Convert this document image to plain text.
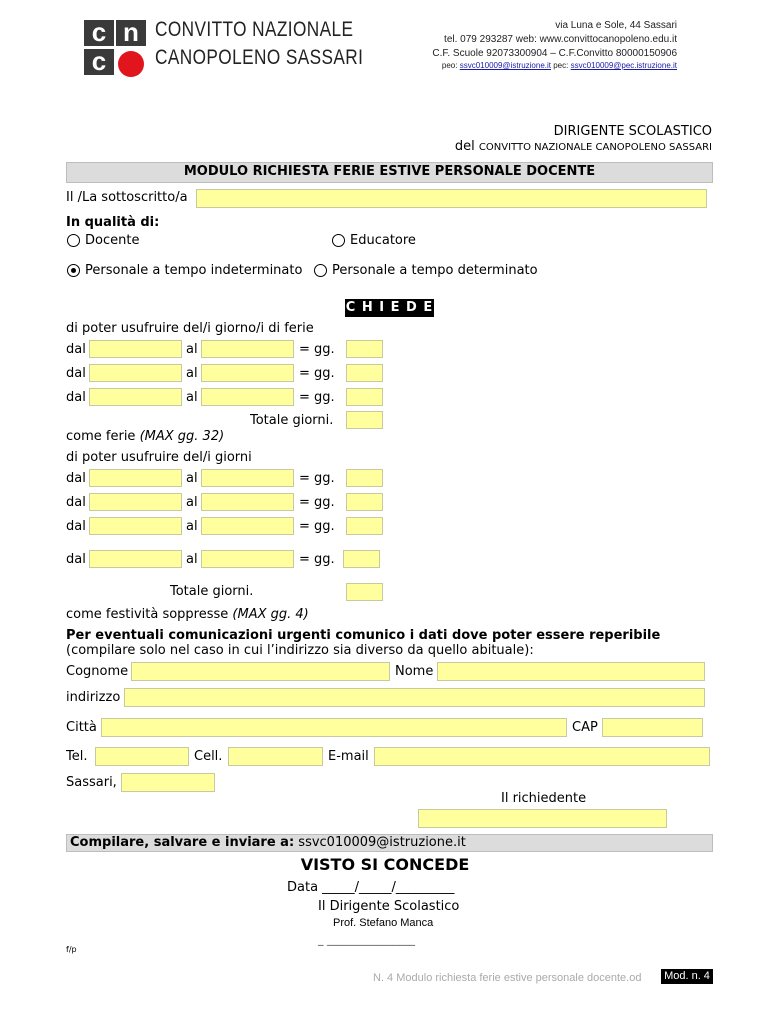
c n
c
CONVITTO NAZIONALE
CANOPOLENO SASSARI
via Luna e Sole, 44 Sassari
tel. 079 293287 web: www.convittocanopoleno.edu.it
C.F. Scuole 92073300904 – C.F.Convitto 80000150906
peo: ssvc010009@istruzione.it pec: ssvc010009@pec.istruzione.it
DIRIGENTE SCOLASTICO
del CONVITTO NAZIONALE CANOPOLENO SASSARI
MODULO RICHIESTA FERIE ESTIVE PERSONALE DOCENTE
Il /La sottoscritto/a
In qualità di:
Docente	Educatore
Personale a tempo indeterminato Personale a tempo determinato
C H I E D E
di poter usufruire del/i giorno/i di ferie
dal	al	= gg.
dal	al	= gg.
dal	al	= gg.
Totale giorni.
come ferie (MAX gg. 32)
di poter usufruire del/i giorni
dal	al	= gg.
dal	al	= gg.
dal	al	= gg.
dal	al	= gg.
Totale giorni.
come festività soppresse (MAX gg. 4)
Per eventuali comunicazioni urgenti comunico i dati dove poter essere reperibile
(compilare solo nel caso in cui l’indirizzo sia diverso da quello abituale):
Cognome	Nome
indirizzo
Città	CAP
Tel.	Cell.	E-mail
Sassari,
Il richiedente
Compilare, salvare e inviare a: ssvc010009@istruzione.it
VISTO SI CONCEDE
Data _____/_____/_________
Il Dirigente Scolastico
Prof. Stefano Manca
_ ________________
f/p
N. 4 Modulo richiesta ferie estive personale docente.od Mod. n. 4
